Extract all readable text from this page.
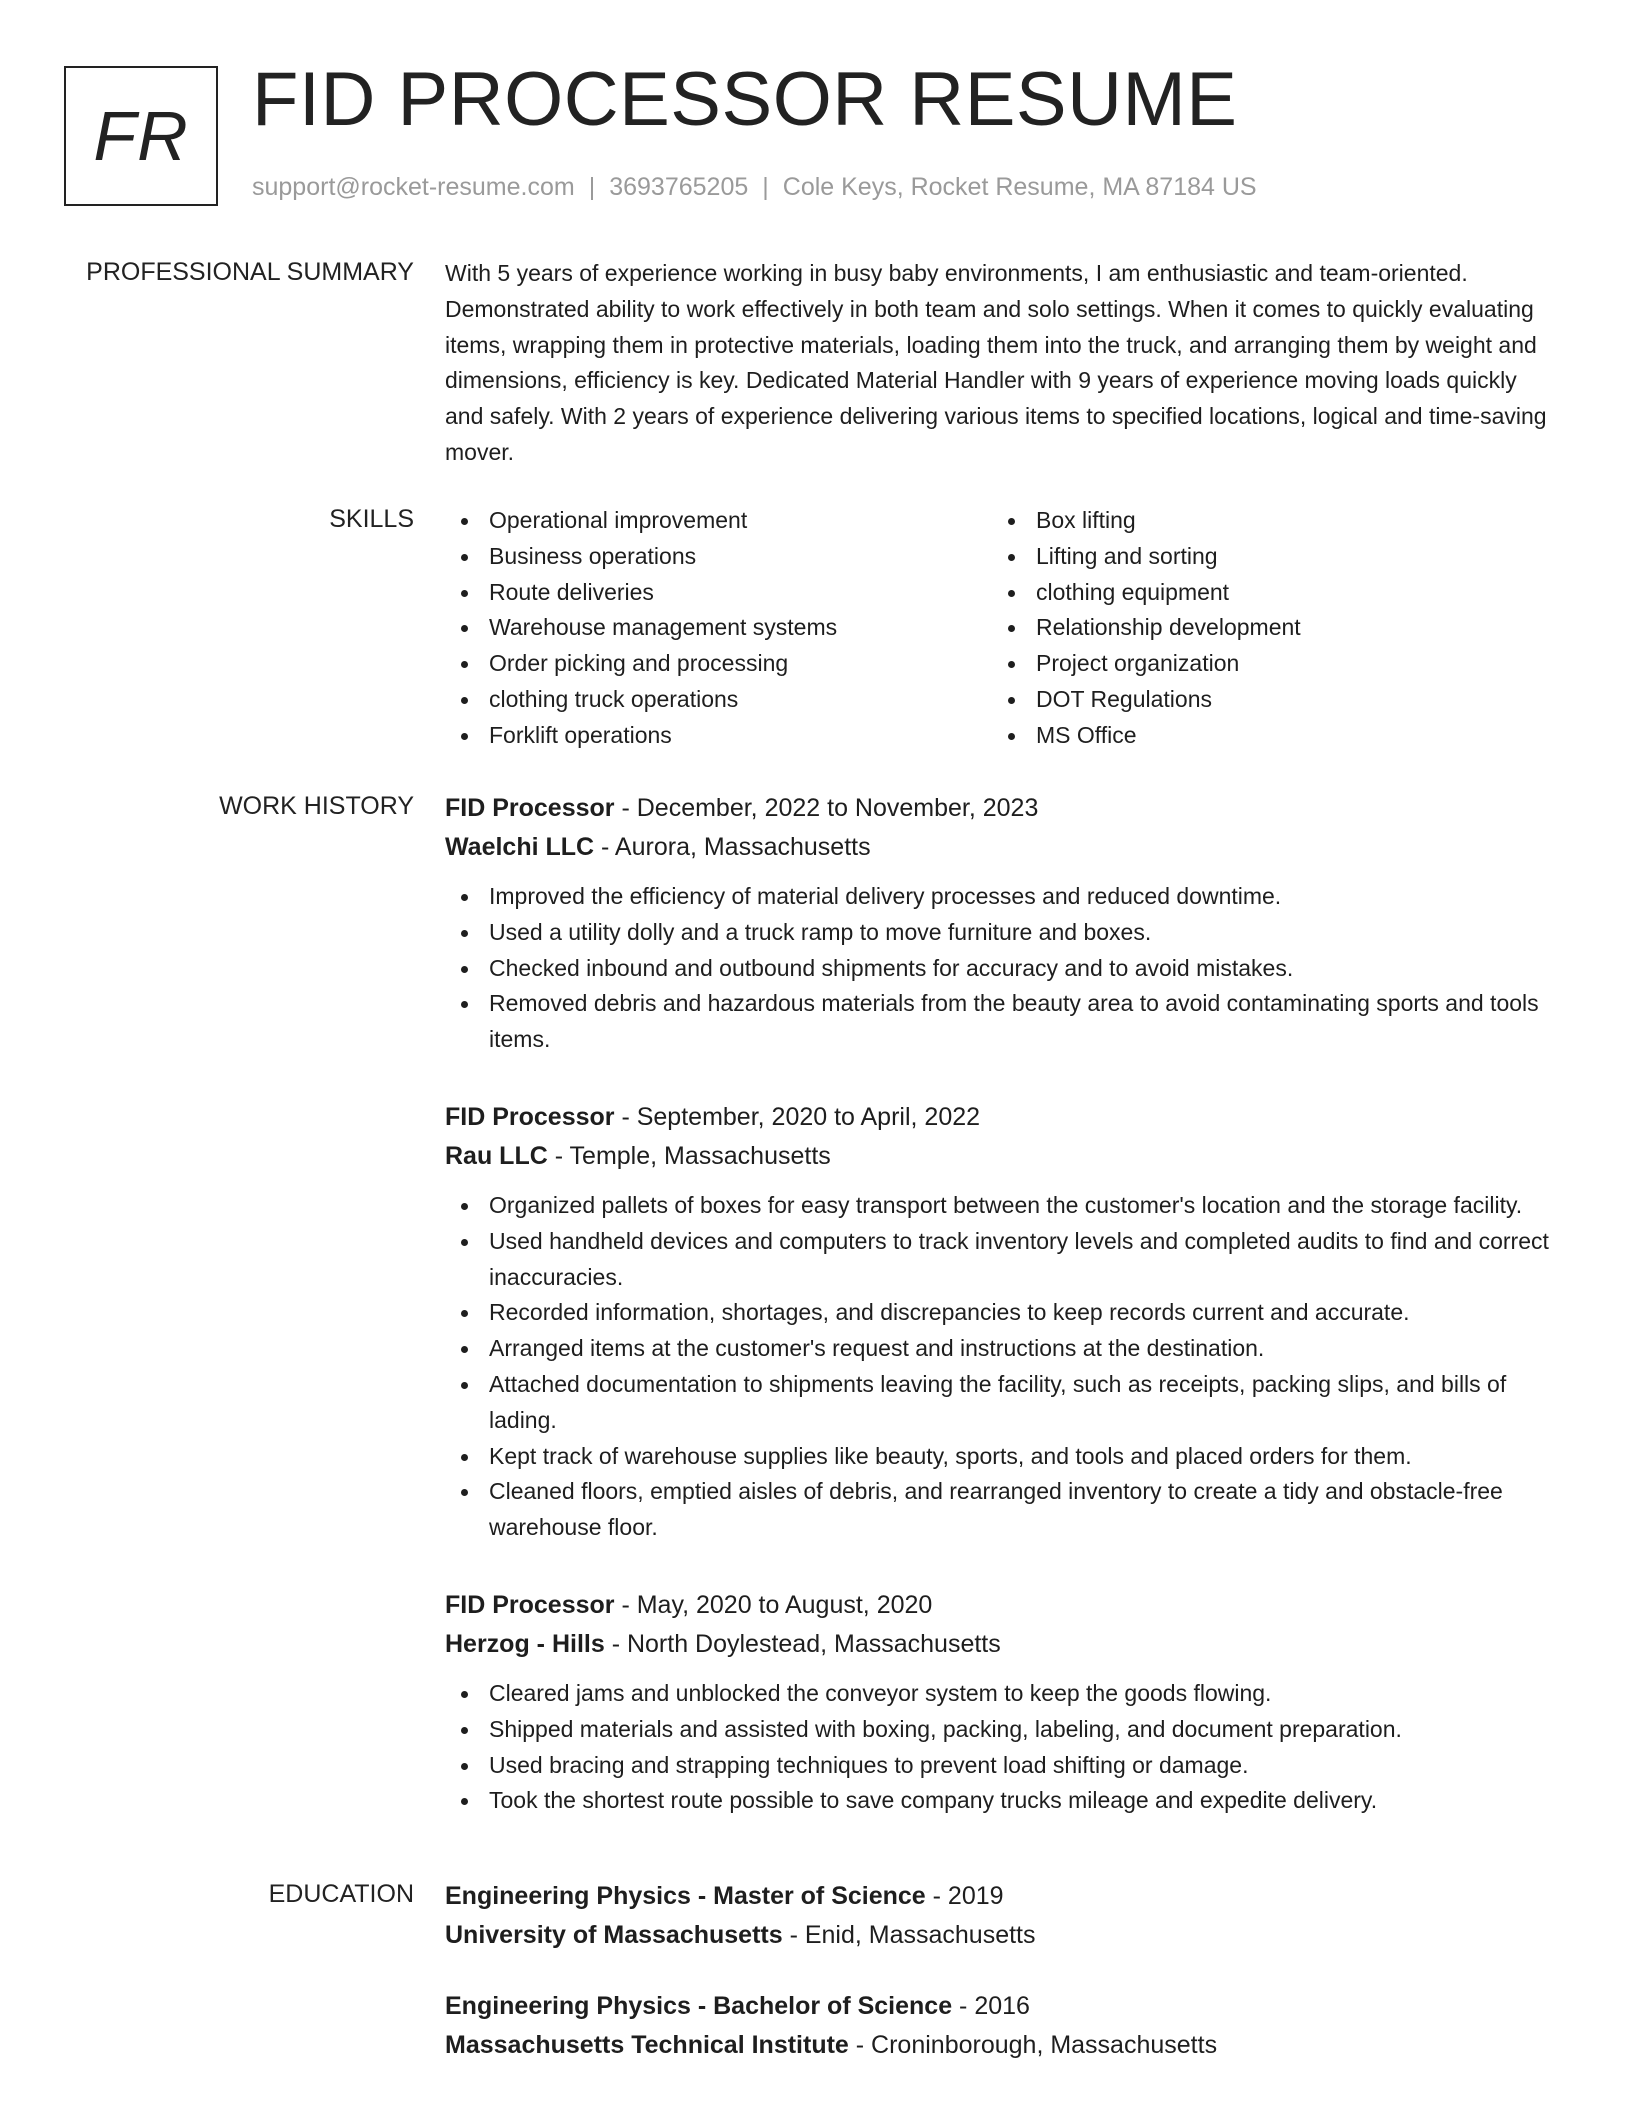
FR FID PROCESSOR RESUME
support@rocket-resume.com | 3693765205 | Cole Keys, Rocket Resume, MA 87184 US
PROFESSIONAL SUMMARY With 5 years of experience working in busy baby environments, I am enthusiastic and team-oriented. Demonstrated ability to work effectively in both team and solo settings. When it comes to quickly evaluating items, wrapping them in protective materials, loading them into the truck, and arranging them by weight and dimensions, efficiency is key. Dedicated Material Handler with 9 years of experience moving loads quickly and safely. With 2 years of experience delivering various items to specified locations, logical and time-saving mover.
SKILLS	Operational improvement
Business operations
Route deliveries
Warehouse management systems
Order picking and processing
clothing truck operations
Forklift operations
Box lifting
Lifting and sorting
clothing equipment
Relationship development
Project organization
DOT Regulations
MS Office
WORK HISTORY FID Processor - December, 2022 to November, 2023
Waelchi LLC - Aurora, Massachusetts
Improved the efficiency of material delivery processes and reduced downtime.
Used a utility dolly and a truck ramp to move furniture and boxes.
Checked inbound and outbound shipments for accuracy and to avoid mistakes.
Removed debris and hazardous materials from the beauty area to avoid contaminating sports and tools items.
FID Processor - September, 2020 to April, 2022
Rau LLC - Temple, Massachusetts
Organized pallets of boxes for easy transport between the customer's location and the storage facility.
Used handheld devices and computers to track inventory levels and completed audits to find and correct inaccuracies.
Recorded information, shortages, and discrepancies to keep records current and accurate.
Arranged items at the customer's request and instructions at the destination.
Attached documentation to shipments leaving the facility, such as receipts, packing slips, and bills of lading.
Kept track of warehouse supplies like beauty, sports, and tools and placed orders for them.
Cleaned floors, emptied aisles of debris, and rearranged inventory to create a tidy and obstacle-free warehouse floor.
FID Processor - May, 2020 to August, 2020
Herzog - Hills - North Doylestead, Massachusetts
Cleared jams and unblocked the conveyor system to keep the goods flowing.
Shipped materials and assisted with boxing, packing, labeling, and document preparation.
Used bracing and strapping techniques to prevent load shifting or damage.
Took the shortest route possible to save company trucks mileage and expedite delivery.
EDUCATION Engineering Physics - Master of Science - 2019
University of Massachusetts - Enid, Massachusetts
Engineering Physics - Bachelor of Science - 2016
Massachusetts Technical Institute - Croninborough, Massachusetts
